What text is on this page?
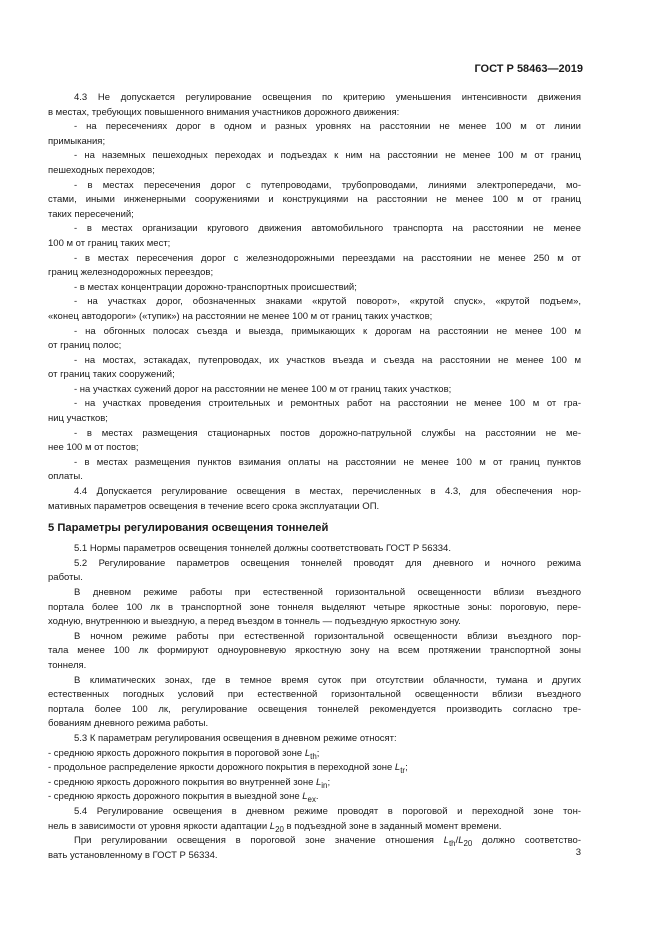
ГОСТ Р 58463—2019
4.3 Не допускается регулирование освещения по критерию уменьшения интенсивности движения
в местах, требующих повышенного внимания участников дорожного движения:
- на пересечениях дорог в одном и разных уровнях на расстоянии не менее 100 м от линии
примыкания;
- на наземных пешеходных переходах и подъездах к ним на расстоянии не менее 100 м от границ
пешеходных переходов;
- в местах пересечения дорог с путепроводами, трубопроводами, линиями электропередачи, мо-
стами, иными инженерными сооружениями и конструкциями на расстоянии не менее 100 м от границ
таких пересечений;
- в местах организации кругового движения автомобильного транспорта на расстоянии не менее
100 м от границ таких мест;
- в местах пересечения дорог с железнодорожными переездами на расстоянии не менее 250 м от
границ железнодорожных переездов;
- в местах концентрации дорожно-транспортных происшествий;
- на участках дорог, обозначенных знаками «крутой поворот», «крутой спуск», «крутой подъем»,
«конец автодороги» («тупик») на расстоянии не менее 100 м от границ таких участков;
- на обгонных полосах съезда и выезда, примыкающих к дорогам на расстоянии не менее 100 м
от границ полос;
- на мостах, эстакадах, путепроводах, их участков въезда и съезда на расстоянии не менее 100 м
от границ таких сооружений;
- на участках сужений дорог на расстоянии не менее 100 м от границ таких участков;
- на участках проведения строительных и ремонтных работ на расстоянии не менее 100 м от гра-
ниц участков;
- в местах размещения стационарных постов дорожно-патрульной службы на расстоянии не ме-
нее 100 м от постов;
- в местах размещения пунктов взимания оплаты на расстоянии не менее 100 м от границ пунктов
оплаты.
4.4 Допускается регулирование освещения в местах, перечисленных в 4.3, для обеспечения нор-
мативных параметров освещения в течение всего срока эксплуатации ОП.
5 Параметры регулирования освещения тоннелей
5.1 Нормы параметров освещения тоннелей должны соответствовать ГОСТ Р 56334.
5.2 Регулирование параметров освещения тоннелей проводят для дневного и ночного режима
работы.
В дневном режиме работы при естественной горизонтальной освещенности вблизи въездного
портала более 100 лк в транспортной зоне тоннеля выделяют четыре яркостные зоны: пороговую, пере-
ходную, внутреннюю и выездную, а перед въездом в тоннель — подъездную яркостную зону.
В ночном режиме работы при естественной горизонтальной освещенности вблизи въездного пор-
тала менее 100 лк формируют одноуровневую яркостную зону на всем протяжении транспортной зоны
тоннеля.
В климатических зонах, где в темное время суток при отсутствии облачности, тумана и других
естественных погодных условий при естественной горизонтальной освещенности вблизи въездного
портала более 100 лк, регулирование освещения тоннелей рекомендуется производить согласно тре-
бованиям дневного режима работы.
5.3 К параметрам регулирования освещения в дневном режиме относят:
- среднюю яркость дорожного покрытия в пороговой зоне $L_{th}$;
- продольное распределение яркости дорожного покрытия в переходной зоне $L_{tr}$;
- среднюю яркость дорожного покрытия во внутренней зоне $L_{in}$;
- среднюю яркость дорожного покрытия в выездной зоне $L_{ex}$.
5.4 Регулирование освещения в дневном режиме проводят в пороговой и переходной зоне тон-
нель в зависимости от уровня яркости адаптации $L_{20}$ в подъездной зоне в заданный момент времени.
При регулировании освещения в пороговой зоне значение отношения $L_{th}/L_{20}$ должно соответство-
вать установленному в ГОСТ Р 56334.	3
